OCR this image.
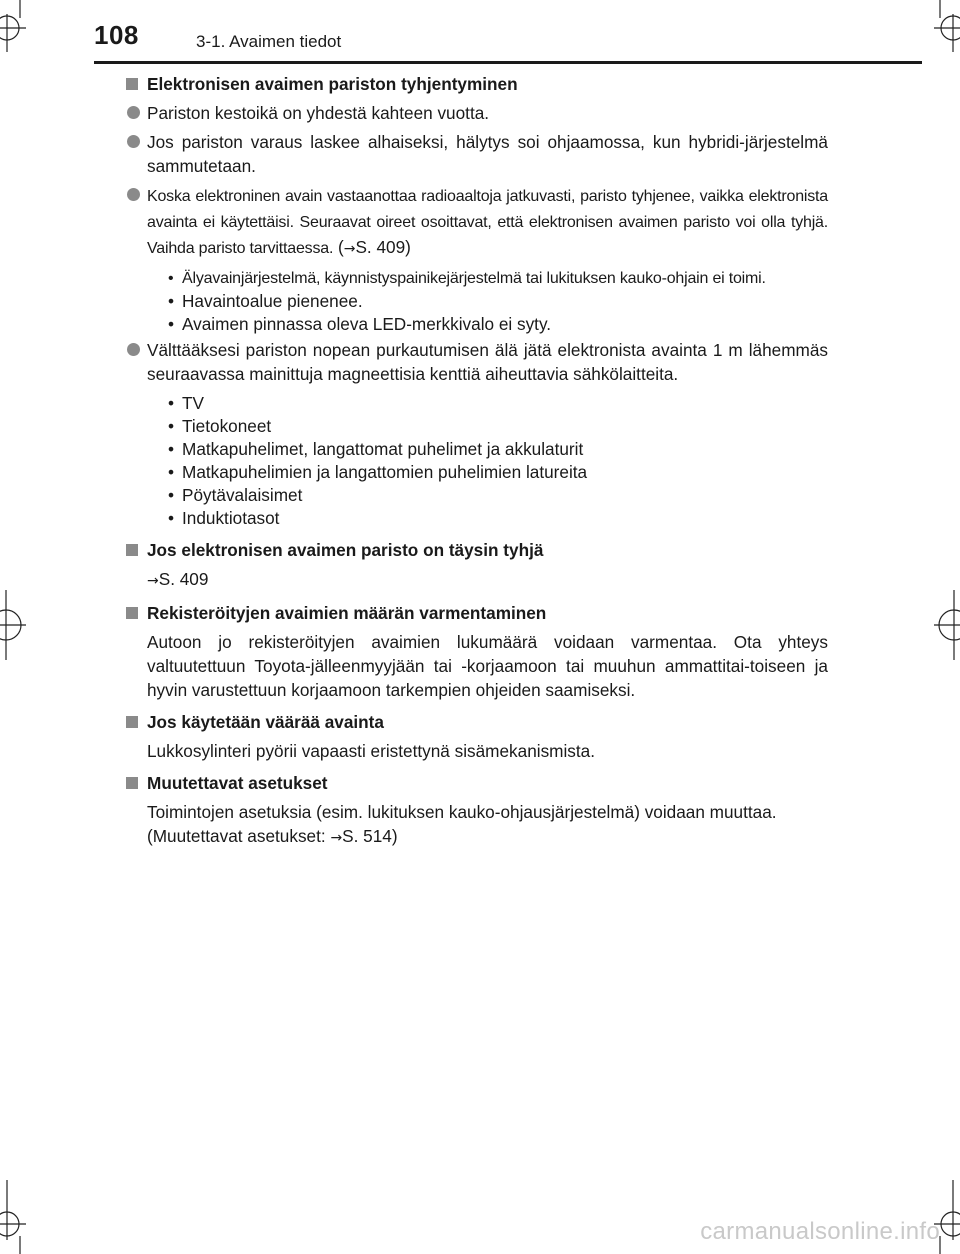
108	3-1. Avaimen tiedot
Elektronisen avaimen pariston tyhjentyminen
Pariston kestoikä on yhdestä kahteen vuotta.
Jos pariston varaus laskee alhaiseksi, hälytys soi ohjaamossa, kun hybridi-järjestelmä sammutetaan.
Koska elektroninen avain vastaanottaa radioaaltoja jatkuvasti, paristo tyhjenee, vaikka elektronista avainta ei käytettäisi. Seuraavat oireet osoittavat, että elektronisen avaimen paristo voi olla tyhjä. Vaihda paristo tarvittaessa. (→S. 409)
• Älyavainjärjestelmä, käynnistyspainikejärjestelmä tai lukituksen kauko-ohjain ei toimi.
• Havaintoalue pienenee.
• Avaimen pinnassa oleva LED-merkkivalo ei syty.
Välttääksesi pariston nopean purkautumisen älä jätä elektronista avainta 1 m lähemmäs seuraavassa mainittuja magneettisia kenttiä aiheuttavia sähkölaitteita.
• TV
• Tietokoneet
• Matkapuhelimet, langattomat puhelimet ja akkulaturit
• Matkapuhelimien ja langattomien puhelimien latureita
• Pöytävalaisimet
• Induktiotasot
Jos elektronisen avaimen paristo on täysin tyhjä
→S. 409
Rekisteröityjen avaimien määrän varmentaminen
Autoon jo rekisteröityjen avaimien lukumäärä voidaan varmentaa. Ota yhteys valtuutettuun Toyota-jälleenmyyjään tai -korjaamoon tai muuhun ammattitai-toiseen ja hyvin varustettuun korjaamoon tarkempien ohjeiden saamiseksi.
Jos käytetään väärää avainta
Lukkosylinteri pyörii vapaasti eristettynä sisämekanismista.
Muutettavat asetukset
Toimintojen asetuksia (esim. lukituksen kauko-ohjausjärjestelmä) voidaan muuttaa.
(Muutettavat asetukset: →S. 514)
carmanualsonline.info
